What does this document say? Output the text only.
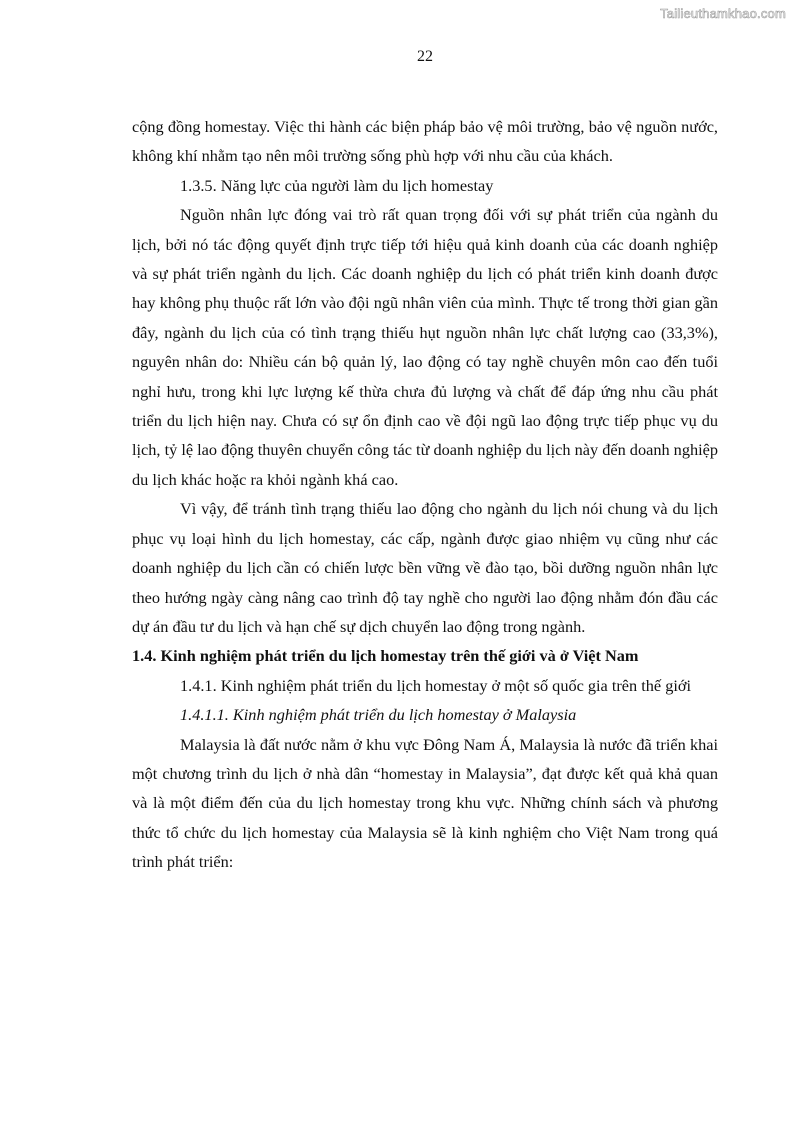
Tailieuthamkhao.com
22

cộng đồng homestay. Việc thi hành các biện pháp bảo vệ môi trường, bảo vệ nguồn nước, không khí nhằm tạo nên môi trường sống phù hợp với nhu cầu của khách.

1.3.5. Năng lực của người làm du lịch homestay

Nguồn nhân lực đóng vai trò rất quan trọng đối với sự phát triển của ngành du lịch, bởi nó tác động quyết định trực tiếp tới hiệu quả kinh doanh của các doanh nghiệp và sự phát triển ngành du lịch. Các doanh nghiệp du lịch có phát triển kinh doanh được hay không phụ thuộc rất lớn vào đội ngũ nhân viên của mình. Thực tế trong thời gian gần đây, ngành du lịch của có tình trạng thiếu hụt nguồn nhân lực chất lượng cao (33,3%), nguyên nhân do: Nhiều cán bộ quản lý, lao động có tay nghề chuyên môn cao đến tuổi nghỉ hưu, trong khi lực lượng kế thừa chưa đủ lượng và chất để đáp ứng nhu cầu phát triển du lịch hiện nay. Chưa có sự ổn định cao về đội ngũ lao động trực tiếp phục vụ du lịch, tỷ lệ lao động thuyên chuyển công tác từ doanh nghiệp du lịch này đến doanh nghiệp du lịch khác hoặc ra khỏi ngành khá cao.

Vì vậy, để tránh tình trạng thiếu lao động cho ngành du lịch nói chung và du lịch phục vụ loại hình du lịch homestay, các cấp, ngành được giao nhiệm vụ cũng như các doanh nghiệp du lịch cần có chiến lược bền vững về đào tạo, bồi dưỡng nguồn nhân lực theo hướng ngày càng nâng cao trình độ tay nghề cho người lao động nhằm đón đầu các dự án đầu tư du lịch và hạn chế sự dịch chuyển lao động trong ngành.

1.4. Kinh nghiệm phát triển du lịch homestay trên thế giới và ở Việt Nam

1.4.1. Kinh nghiệm phát triển du lịch homestay ở một số quốc gia trên thế giới

1.4.1.1. Kinh nghiệm phát triển du lịch homestay ở Malaysia

Malaysia là đất nước nằm ở khu vực Đông Nam Á, Malaysia là nước đã triển khai một chương trình du lịch ở nhà dân “homestay in Malaysia”, đạt được kết quả khả quan và là một điểm đến của du lịch homestay trong khu vực. Những chính sách và phương thức tổ chức du lịch homestay của Malaysia sẽ là kinh nghiệm cho Việt Nam trong quá trình phát triển:
